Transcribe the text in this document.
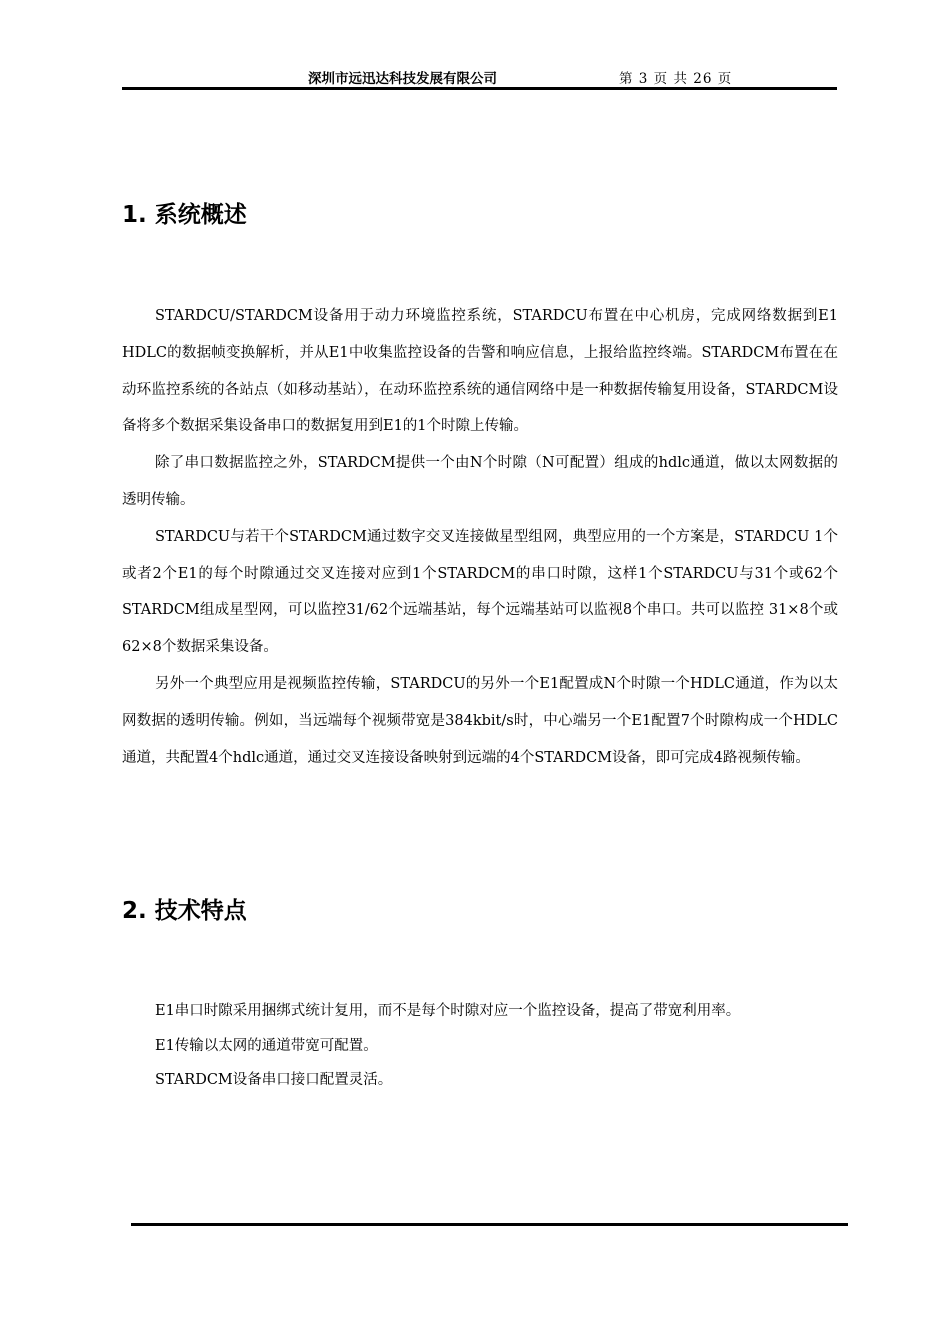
深圳市远迅达科技发展有限公司	第 3 页 共 26 页
1. 系统概述

STARDCU/STARDCM设备用于动力环境监控系统，STARDCU布置在中心机房，完成网络数据到E1 HDLC的数据帧变换解析，并从E1中收集监控设备的告警和响应信息，上报给监控终端。STARDCM布置在在动环监控系统的各站点（如移动基站），在动环监控系统的通信网络中是一种数据传输复用设备，STARDCM设备将多个数据采集设备串口的数据复用到E1的1个时隙上传输。

除了串口数据监控之外，STARDCM提供一个由N个时隙（N可配置）组成的hdlc通道，做以太网数据的透明传输。

STARDCU与若干个STARDCM通过数字交叉连接做星型组网，典型应用的一个方案是，STARDCU 1个或者2个E1的每个时隙通过交叉连接对应到1个STARDCM的串口时隙，这样1个STARDCU与31个或62个STARDCM组成星型网，可以监控31/62个远端基站，每个远端基站可以监视8个串口。共可以监控 31×8个或62×8个数据采集设备。

另外一个典型应用是视频监控传输，STARDCU的另外一个E1配置成N个时隙一个HDLC通道，作为以太网数据的透明传输。例如，当远端每个视频带宽是384kbit/s时，中心端另一个E1配置7个时隙构成一个HDLC通道，共配置4个hdlc通道，通过交叉连接设备映射到远端的4个STARDCM设备，即可完成4路视频传输。

2. 技术特点

E1串口时隙采用捆绑式统计复用，而不是每个时隙对应一个监控设备，提高了带宽利用率。

E1传输以太网的通道带宽可配置。

STARDCM设备串口接口配置灵活。
